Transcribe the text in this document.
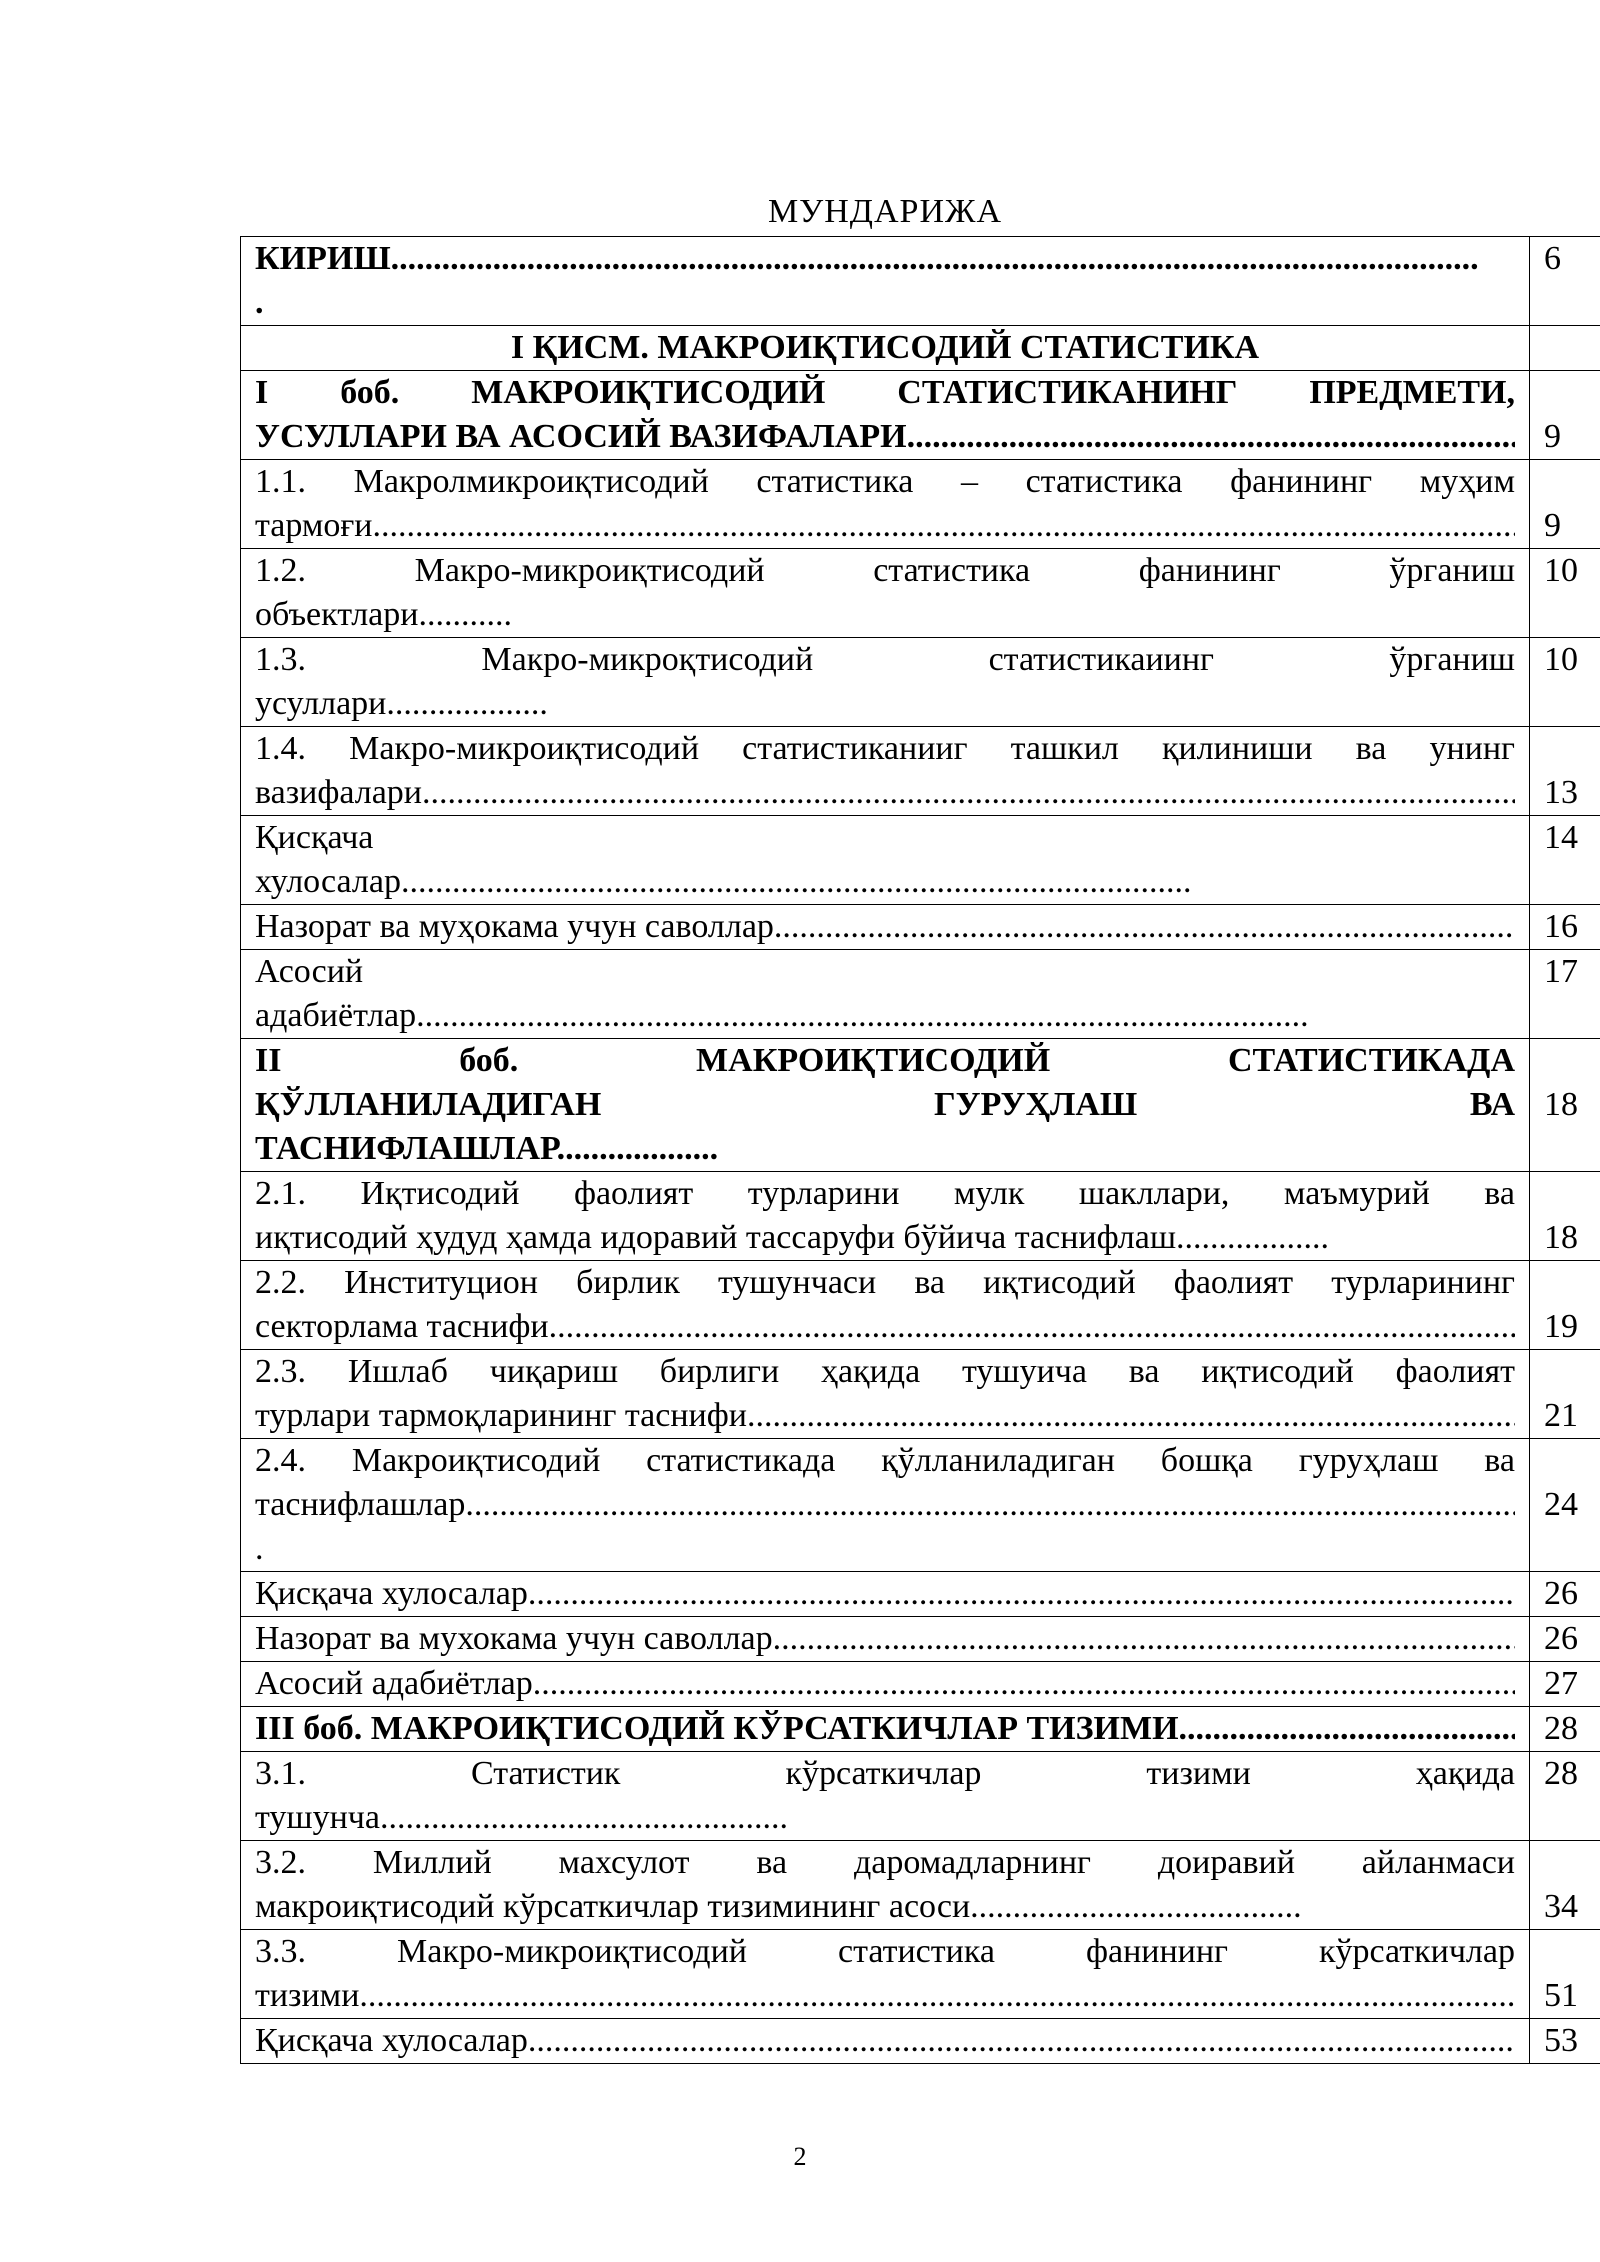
МУНДАРИЖА
КИРИШ................................................................................................................................
.	6
І ҚИСМ. МАКРОИҚТИСОДИЙ СТАТИСТИКА	

І боб. МАКРОИҚТИСОДИЙ СТАТИСТИКАНИНГ ПРЕДМЕТИ,
УСУЛЛАРИ ВА АСОСИЙ ВАЗИФАЛАРИ
.....	9

1.1. Макролмикроиқтисодий статистика – статистика фанининг муҳим
тармоғи
.....	9

1.2. Макро-микроиқтисодий статистика фанининг ўрганиш
объектлари...........	10

1.3. Макро-микроқтисодий статистикаиинг ўрганиш
усуллари...................	10

1.4. Макро-микроиқтисодий статистиканииг ташкил қилиниши ва унинг
вазифалари
.....	13

Қисқача
хулосалар.............................................................................................	14

Назорат ва муҳокама учун саволлар
.....	16

Асосий
адабиётлар.........................................................................................................	17

II боб. МАКРОИҚТИСОДИЙ СТАТИСТИКАДА
ҚЎЛЛАНИЛАДИГАН ГУРУҲЛАШ ВА
ТАСНИФЛАШЛАР...................	18

2.1. Иқтисодий фаолият турларини мулк шакллари, маъмурий ва
иқтисодий ҳудуд ҳамда идоравий тассаруфи бўйича таснифлаш..................	18

2.2. Институцион бирлик тушунчаси ва иқтисодий фаолият турларининг
секторлама таснифи
.....	19

2.3. Ишлаб чиқариш бирлиги ҳақида тушуича ва иқтисодий фаолият
турлари тармоқларининг таснифи
.....	21

2.4. Макроиқтисодий статистикада қўлланиладиган бошқа гуруҳлаш ва
таснифлашлар
.....
.	24

Қисқача хулосалар
.....	26

Назорат ва мухокама учун саволлар
.....	26

Асосий адабиётлар
.....	27

III боб. МАКРОИҚТИСОДИЙ КЎРСАТКИЧЛАР ТИЗИМИ
.....	28

3.1. Статистик кўрсаткичлар тизими ҳақида
тушунча................................................	28

3.2. Миллий махсулот ва даромадларнинг доиравий айланмаси
макроиқтисодий кўрсаткичлар тизимининг асоси.......................................	34

3.3. Макро-микроиқтисодий статистика фанининг кўрсаткичлар
тизими
.....	51

Қисқача хулосалар
.....	53
2
